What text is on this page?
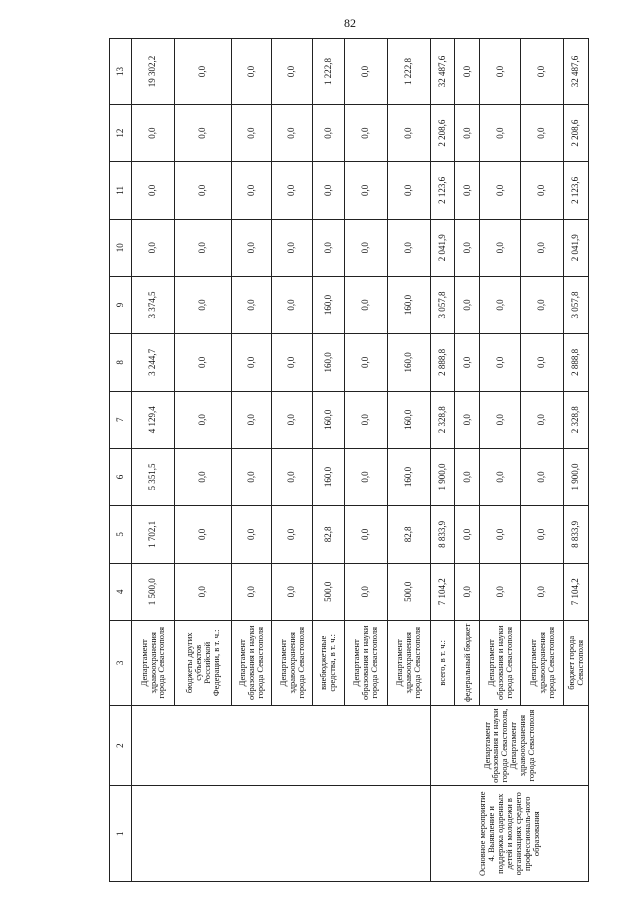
82
1	2	3	4	5	6	7	8	9	10	11	12	13
		Департамент здравоохранения города Севастополя	1 500,0	1 702,1	5 351,5	4 129,4	3 244,7	3 374,5	0,0	0,0	0,0	19 302,2
		бюджеты других субъектов Российской Федерации, в т. ч.:	0,0	0,0	0,0	0,0	0,0	0,0	0,0	0,0	0,0	0,0
		Департамент образования и науки города Севастополя	0,0	0,0	0,0	0,0	0,0	0,0	0,0	0,0	0,0	0,0
		Департамент здравоохранения города Севастополя	0,0	0,0	0,0	0,0	0,0	0,0	0,0	0,0	0,0	0,0
		внебюджетные средства, в т. ч.:	500,0	82,8	160,0	160,0	160,0	160,0	0,0	0,0	0,0	1 222,8
		Департамент образования и науки города Севастополя	0,0	0,0	0,0	0,0	0,0	0,0	0,0	0,0	0,0	0,0
		Департамент здравоохранения города Севастополя	500,0	82,8	160,0	160,0	160,0	160,0	0,0	0,0	0,0	1 222,8
Основное мероприятие 4. Выявление и поддержка одаренных детей и молодежи в организациях среднего профессиональ-ного образования	Департамент образования и науки города Севастополя, Департамент здравоохранения города Севастополя	всего, в т. ч.:	7 104,2	8 833,9	1 900,0	2 328,8	2 888,8	3 057,8	2 041,9	2 123,6	2 208,6	32 487,6
		федеральный бюджет	0,0	0,0	0,0	0,0	0,0	0,0	0,0	0,0	0,0	0,0
		Департамент образования и науки города Севастополя	0,0	0,0	0,0	0,0	0,0	0,0	0,0	0,0	0,0	0,0
		Департамент здравоохранения города Севастополя	0,0	0,0	0,0	0,0	0,0	0,0	0,0	0,0	0,0	0,0
		бюджет города Севастополя	7 104,2	8 833,9	1 900,0	2 328,8	2 888,8	3 057,8	2 041,9	2 123,6	2 208,6	32 487,6
